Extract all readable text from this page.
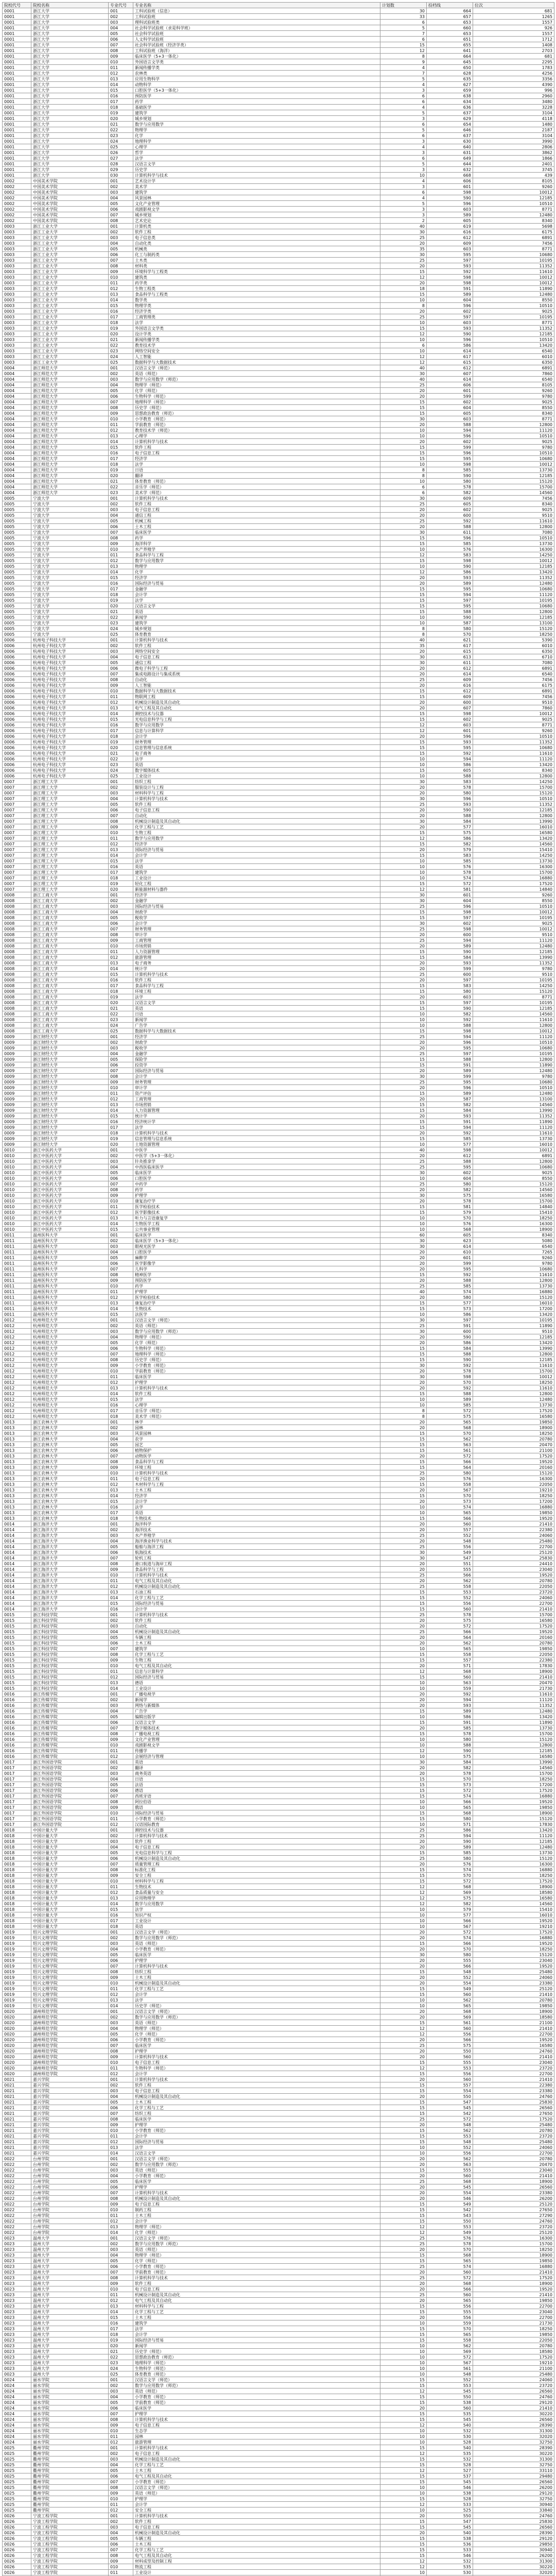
院校代号	院校名称	专业代号	专业名称	计划数	投档线	位次
0001	浙江大学	001	工科试验班（信息）	30	664	681
0001	浙江大学	002	工科试验班	33	657	1265
0001	浙江大学	003	理科试验班类	6	653	1557
0001	浙江大学	004	社会科学试验班（求是科学班）	5	660	926
0001	浙江大学	005	社会科学试验班	7	653	1557
0001	浙江大学	006	人文科学试验班	6	651	1712
0001	浙江大学	007	社会科学试验班（经济学类）	15	655	1408
0001	浙江大学	008	工科试验班（海洋）	12	641	2703
0001	浙江大学	009	临床医学（5+3一体化）	8	664	681
0001	浙江大学	010	外国语言文学类	9	645	2295
0001	浙江大学	011	新闻传播学类	4	650	1783
0001	浙江大学	012	农林类	7	628	4256
0001	浙江大学	013	应用生物科学	5	635	3356
0001	浙江大学	014	动物科学	4	627	4390
0001	浙江大学	015	口腔医学（5+3一体化）	3	659	996
0001	浙江大学	016	预防医学	6	638	2960
0001	浙江大学	017	药学	6	634	3480
0001	浙江大学	018	基础医学	4	636	3228
0001	浙江大学	019	建筑学	5	637	3104
0001	浙江大学	020	城乡规划	3	629	4118
0001	浙江大学	021	数学与应用数学	6	654	1480
0001	浙江大学	022	物理学	5	646	2187
0001	浙江大学	023	化学	6	637	3104
0001	浙江大学	024	地理科学	3	630	3990
0001	浙江大学	025	心理学	4	640	2806
0001	浙江大学	026	哲学	3	631	3862
0001	浙江大学	027	法学	6	649	1866
0001	浙江大学	028	汉语言文学	5	644	2401
0001	浙江大学	029	历史学	3	632	3745
0001	浙江大学	030	计算机科学与技术	10	668	439
0002	中国美术学院	001	艺术设计学	4	606	8105
0002	中国美术学院	002	美术学	3	601	9260
0002	中国美术学院	003	建筑学	6	598	10012
0002	中国美术学院	004	风景园林	4	590	12185
0002	中国美术学院	005	文化产业管理	5	596	10510
0002	中国美术学院	006	戏剧影视文学	3	603	8771
0002	中国美术学院	007	城乡规划	3	589	12480
0002	中国美术学院	008	艺术史论	2	605	8340
0003	浙江工业大学	001	计算机类	40	619	5698
0003	浙江工业大学	002	软件工程	30	616	6175
0003	浙江工业大学	003	电子信息类	25	612	6891
0003	浙江工业大学	004	自动化类	20	609	7456
0003	浙江工业大学	005	机械类	35	603	8771
0003	浙江工业大学	006	化工与制药类	30	595	10680
0003	浙江工业大学	007	土木类	25	597	10195
0003	浙江工业大学	008	材料类	20	593	11352
0003	浙江工业大学	009	环境科学与工程类	15	592	11610
0003	浙江工业大学	010	建筑类	12	598	10012
0003	浙江工业大学	011	药学类	20	598	10012
0003	浙江工业大学	012	生物工程类	18	591	11890
0003	浙江工业大学	013	食品科学与工程类	15	589	12480
0003	浙江工业大学	014	数学类	10	604	8550
0003	浙江工业大学	015	物理学类	8	596	10510
0003	浙江工业大学	016	经济学类	20	602	9025
0003	浙江工业大学	017	工商管理类	25	597	10195
0003	浙江工业大学	018	法学	10	603	8771
0003	浙江工业大学	019	外国语言文学类	15	593	11352
0003	浙江工业大学	020	设计学类	12	590	12185
0003	浙江工业大学	021	新闻传播学类	10	596	10510
0003	浙江工业大学	022	教育技术学	6	586	13420
0003	浙江工业大学	023	网络空间安全	10	614	6540
0003	浙江工业大学	024	人工智能	12	617	6010
0003	浙江工业大学	025	数据科学与大数据技术	12	615	6350
0004	浙江师范大学	001	汉语言文学（师范）	40	612	6891
0004	浙江师范大学	002	英语（师范）	30	607	7860
0004	浙江师范大学	003	数学与应用数学（师范）	40	614	6540
0004	浙江师范大学	004	物理学（师范）	25	606	8105
0004	浙江师范大学	005	化学（师范）	20	601	9260
0004	浙江师范大学	006	生物科学（师范）	20	599	9780
0004	浙江师范大学	007	地理科学（师范）	15	602	9025
0004	浙江师范大学	008	历史学（师范）	15	604	8550
0004	浙江师范大学	009	思想政治教育（师范）	15	605	8340
0004	浙江师范大学	010	小学教育（师范）	30	603	8771
0004	浙江师范大学	011	学前教育（师范）	20	588	12800
0004	浙江师范大学	012	教育技术学（师范）	10	594	11120
0004	浙江师范大学	013	心理学	10	596	10510
0004	浙江师范大学	014	计算机科学与技术	20	602	9025
0004	浙江师范大学	015	软件工程	15	599	9780
0004	浙江师范大学	016	电子信息工程	15	596	10510
0004	浙江师范大学	017	经济学	15	595	10680
0004	浙江师范大学	018	法学	10	598	10012
0004	浙江师范大学	019	日语	8	585	13730
0004	浙江师范大学	020	翻译	8	590	12185
0004	浙江师范大学	021	体育教育（师范）	10	580	15120
0004	浙江师范大学	022	音乐学（师范）	6	578	15700
0004	浙江师范大学	023	美术学（师范）	6	582	14560
0005	宁波大学	001	计算机科学与技术	30	609	7456
0005	宁波大学	002	软件工程	25	605	8340
0005	宁波大学	003	电子信息工程	20	602	9025
0005	宁波大学	004	通信工程	20	600	9510
0005	宁波大学	005	机械工程	25	592	11610
0005	宁波大学	006	土木工程	20	588	12800
0005	宁波大学	007	临床医学	30	611	7080
0005	宁波大学	008	药学	15	596	10510
0005	宁波大学	009	海洋科学	15	585	13730
0005	宁波大学	010	水产养殖学	10	576	16300
0005	宁波大学	011	食品科学与工程	12	583	14250
0005	宁波大学	012	数学与应用数学	15	598	10012
0005	宁波大学	013	物理学	10	590	12185
0005	宁波大学	014	化学	12	586	13420
0005	宁波大学	015	经济学	20	593	11352
0005	宁波大学	016	国际经济与贸易	20	589	12480
0005	宁波大学	017	金融学	15	595	10680
0005	宁波大学	018	会计学	15	594	11120
0005	宁波大学	019	法学	15	597	10195
0005	宁波大学	020	汉语言文学	15	595	10680
0005	宁波大学	021	英语	15	588	12800
0005	宁波大学	022	新闻学	10	590	12185
0005	宁波大学	023	建筑学	10	587	13100
0005	宁波大学	024	城乡规划	8	580	15120
0005	宁波大学	025	体育教育	8	570	18250
0006	杭州电子科技大学	001	计算机科学与技术	40	621	5390
0006	杭州电子科技大学	002	软件工程	35	617	6010
0006	杭州电子科技大学	003	网络空间安全	20	615	6350
0006	杭州电子科技大学	004	电子信息工程	30	613	6710
0006	杭州电子科技大学	005	通信工程	30	611	7080
0006	杭州电子科技大学	006	微电子科学与工程	20	612	6891
0006	杭州电子科技大学	007	集成电路设计与集成系统	20	614	6540
0006	杭州电子科技大学	008	自动化	25	609	7456
0006	杭州电子科技大学	009	人工智能	20	616	6175
0006	杭州电子科技大学	010	数据科学与大数据技术	15	612	6891
0006	杭州电子科技大学	011	物联网工程	15	609	7456
0006	杭州电子科技大学	012	机械设计制造及其自动化	20	600	9510
0006	杭州电子科技大学	013	电气工程及其自动化	20	607	7860
0006	杭州电子科技大学	014	测控技术与仪器	15	598	10012
0006	杭州电子科技大学	015	光电信息科学与工程	15	602	9025
0006	杭州电子科技大学	016	数学与应用数学	12	603	8771
0006	杭州电子科技大学	017	信息与计算科学	12	601	9260
0006	杭州电子科技大学	018	会计学	20	596	10510
0006	杭州电子科技大学	019	财务管理	15	593	11352
0006	杭州电子科技大学	020	信息管理与信息系统	15	595	10680
0006	杭州电子科技大学	021	电子商务	15	592	11610
0006	杭州电子科技大学	022	法学	10	594	11120
0006	杭州电子科技大学	023	英语	10	586	13420
0006	杭州电子科技大学	024	数字媒体技术	15	605	8340
0006	杭州电子科技大学	025	工业设计	10	588	12800
0007	浙江理工大学	001	纺织工程	30	583	14250
0007	浙江理工大学	002	服装设计与工程	20	578	15700
0007	浙江理工大学	003	材料科学与工程	20	580	15120
0007	浙江理工大学	004	计算机科学与技术	30	596	10510
0007	浙江理工大学	005	软件工程	25	593	11352
0007	浙江理工大学	006	电子信息工程	20	590	12185
0007	浙江理工大学	007	自动化	20	588	12800
0007	浙江理工大学	008	机械设计制造及其自动化	30	584	13990
0007	浙江理工大学	009	化学工程与工艺	20	577	16010
0007	浙江理工大学	010	生物工程	15	575	16580
0007	浙江理工大学	011	数学与应用数学	12	586	13420
0007	浙江理工大学	012	经济学	15	582	14560
0007	浙江理工大学	013	国际经济与贸易	20	579	15410
0007	浙江理工大学	014	会计学	15	583	14250
0007	浙江理工大学	015	法学	10	585	13730
0007	浙江理工大学	016	英语	10	576	16300
0007	浙江理工大学	017	建筑学	10	578	15700
0007	浙江理工大学	018	工业设计	10	574	16880
0007	浙江理工大学	019	轻化工程	15	572	17520
0007	浙江理工大学	020	新能源材料与器件	12	581	14840
0008	浙江工商大学	001	经济学	30	601	9260
0008	浙江工商大学	002	金融学	30	604	8550
0008	浙江工商大学	003	国际经济与贸易	25	596	10510
0008	浙江工商大学	004	财政学	15	598	10012
0008	浙江工商大学	005	税收学	15	597	10195
0008	浙江工商大学	006	会计学	30	602	9025
0008	浙江工商大学	007	财务管理	25	598	10012
0008	浙江工商大学	008	审计学	20	600	9510
0008	浙江工商大学	009	工商管理	25	594	11120
0008	浙江工商大学	010	市场营销	20	589	12480
0008	浙江工商大学	011	人力资源管理	15	590	12185
0008	浙江工商大学	012	旅游管理	15	584	13990
0008	浙江工商大学	013	电子商务	20	593	11352
0008	浙江工商大学	014	统计学	20	599	9780
0008	浙江工商大学	015	计算机科学与技术	25	600	9510
0008	浙江工商大学	016	软件工程	20	597	10195
0008	浙江工商大学	017	食品科学与工程	15	583	14250
0008	浙江工商大学	018	环境工程	15	580	15120
0008	浙江工商大学	019	法学	20	603	8771
0008	浙江工商大学	020	汉语言文学	15	597	10195
0008	浙江工商大学	021	英语	15	590	12185
0008	浙江工商大学	022	日语	10	582	14560
0008	浙江工商大学	023	新闻学	10	592	11610
0008	浙江工商大学	024	广告学	10	588	12800
0008	浙江工商大学	025	数据科学与大数据技术	15	598	10012
0009	浙江财经大学	001	经济学	25	594	11120
0009	浙江财经大学	002	财政学	20	596	10510
0009	浙江财经大学	003	税收学	20	595	10680
0009	浙江财经大学	004	金融学	25	597	10195
0009	浙江财经大学	005	保险学	15	588	12800
0009	浙江财经大学	006	投资学	15	591	11890
0009	浙江财经大学	007	国际经济与贸易	20	589	12480
0009	浙江财经大学	008	会计学	30	599	9780
0009	浙江财经大学	009	财务管理	25	595	10680
0009	浙江财经大学	010	审计学	20	596	10510
0009	浙江财经大学	011	资产评估	15	589	12480
0009	浙江财经大学	012	工商管理	20	587	13100
0009	浙江财经大学	013	市场营销	15	582	14560
0009	浙江财经大学	014	人力资源管理	15	584	13990
0009	浙江财经大学	015	统计学	20	593	11352
0009	浙江财经大学	016	经济统计学	15	591	11890
0009	浙江财经大学	017	法学	15	594	11120
0009	浙江财经大学	018	计算机科学与技术	20	592	11610
0009	浙江财经大学	019	信息管理与信息系统	15	585	13730
0009	浙江财经大学	020	土地资源管理	10	577	16010
0010	浙江中医药大学	001	中医学	40	598	10012
0010	浙江中医药大学	002	中医学（5+3一体化）	20	612	6891
0010	浙江中医药大学	003	针灸推拿学	25	588	12800
0010	浙江中医药大学	004	中西医临床医学	25	595	10680
0010	浙江中医药大学	005	临床医学	30	602	9025
0010	浙江中医药大学	006	口腔医学	10	604	8550
0010	浙江中医药大学	007	中药学	25	580	15120
0010	浙江中医药大学	008	药学	20	582	14560
0010	浙江中医药大学	009	护理学	30	575	16580
0010	浙江中医药大学	010	康复治疗学	20	578	15700
0010	浙江中医药大学	011	医学检验技术	15	581	14840
0010	浙江中医药大学	012	医学影像技术	15	579	15410
0010	浙江中医药大学	013	听力与言语康复学	10	570	18250
0010	浙江中医药大学	014	生物医学工程	10	576	16300
0010	浙江中医药大学	015	公共事业管理	10	568	18900
0011	温州医科大学	001	临床医学	60	605	8340
0011	温州医科大学	002	临床医学（5+3一体化）	30	623	5080
0011	温州医科大学	003	眼视光医学	30	614	6540
0011	温州医科大学	004	口腔医学	20	610	7265
0011	温州医科大学	005	麻醉学	20	601	9260
0011	温州医科大学	006	医学影像学	20	599	9780
0011	温州医科大学	007	儿科学	20	595	10680
0011	温州医科大学	008	精神医学	15	592	11610
0011	温州医科大学	009	预防医学	20	588	12800
0011	温州医科大学	010	药学	25	585	13730
0011	温州医科大学	011	护理学	40	574	16880
0011	温州医科大学	012	医学检验技术	20	580	15120
0011	温州医科大学	013	康复治疗学	15	577	16010
0011	温州医科大学	014	生物技术	15	573	17200
0011	温州医科大学	015	法医学	10	586	13420
0012	杭州师范大学	001	汉语言文学（师范）	30	597	10195
0012	杭州师范大学	002	英语（师范）	25	591	11890
0012	杭州师范大学	003	数学与应用数学（师范）	30	600	9510
0012	杭州师范大学	004	物理学（师范）	20	590	12185
0012	杭州师范大学	005	化学（师范）	20	586	13420
0012	杭州师范大学	006	生物科学（师范）	15	584	13990
0012	杭州师范大学	007	地理科学（师范）	15	588	12800
0012	杭州师范大学	008	历史学（师范）	15	590	12185
0012	杭州师范大学	009	小学教育（师范）	30	592	11610
0012	杭州师范大学	010	学前教育（师范）	20	578	15700
0012	杭州师范大学	011	临床医学	30	598	10012
0012	杭州师范大学	012	护理学	20	570	18250
0012	杭州师范大学	013	计算机科学与技术	20	592	11610
0012	杭州师范大学	014	软件工程	15	588	12800
0012	杭州师范大学	015	法学	10	589	12480
0012	杭州师范大学	016	心理学	10	585	13730
0012	杭州师范大学	017	音乐学（师范）	8	572	17520
0012	杭州师范大学	018	美术学（师范）	8	575	16580
0013	浙江农林大学	001	林学	20	565	19850
0013	浙江农林大学	002	园林	20	568	18900
0013	浙江农林大学	003	风景园林	15	570	18250
0013	浙江农林大学	004	农学	15	562	20780
0013	浙江农林大学	005	园艺	15	563	20470
0013	浙江农林大学	006	植物保护	15	561	21100
0013	浙江农林大学	007	动物医学	20	572	17520
0013	浙江农林大学	008	食品科学与工程	15	566	19520
0013	浙江农林大学	009	环境工程	15	564	20160
0013	浙江农林大学	010	计算机科学与技术	25	580	15120
0013	浙江农林大学	011	电子信息工程	20	576	16300
0013	浙江农林大学	012	木材科学与工程	15	558	22050
0013	浙江农林大学	013	土木工程	20	567	19210
0013	浙江农林大学	014	经济学	15	570	18250
0013	浙江农林大学	015	会计学	20	573	17200
0013	浙江农林大学	016	法学	10	574	16880
0013	浙江农林大学	017	英语	10	565	19850
0013	浙江农林大学	018	生物技术	15	566	19520
0014	浙江海洋大学	001	海洋科学	20	560	21410
0014	浙江海洋大学	002	海洋技术	20	557	22380
0014	浙江海洋大学	003	水产养殖学	25	552	24060
0014	浙江海洋大学	004	海洋渔业科学与技术	20	548	25480
0014	浙江海洋大学	005	船舶与海洋工程	25	556	22700
0014	浙江海洋大学	006	航海技术	30	549	25120
0014	浙江海洋大学	007	轮机工程	30	547	25830
0014	浙江海洋大学	008	港口航道与海岸工程	20	551	24410
0014	浙江海洋大学	009	食品科学与工程	20	555	23040
0014	浙江海洋大学	010	计算机科学与技术	25	566	19520
0014	浙江海洋大学	011	电气工程及其自动化	20	562	20780
0014	浙江海洋大学	012	机械设计制造及其自动化	25	558	22050
0014	浙江海洋大学	013	石油工程	15	553	23720
0014	浙江海洋大学	014	化学工程与工艺	15	552	24060
0014	浙江海洋大学	015	国际经济与贸易	15	556	22700
0014	浙江海洋大学	016	会计学	15	560	21410
0015	浙江科技学院	001	计算机科学与技术	25	578	15700
0015	浙江科技学院	002	软件工程	20	575	16580
0015	浙江科技学院	003	自动化	20	572	17520
0015	浙江科技学院	004	机械设计制造及其自动化	25	566	19520
0015	浙江科技学院	005	车辆工程	20	564	20160
0015	浙江科技学院	006	土木工程	20	562	20780
0015	浙江科技学院	007	建筑学	10	565	19850
0015	浙江科技学院	008	化学工程与工艺	15	558	22050
0015	浙江科技学院	009	生物工程	15	557	22380
0015	浙江科技学院	010	电气工程及其自动化	20	571	17830
0015	浙江科技学院	011	信息与计算科学	12	568	18900
0015	浙江科技学院	012	国际经济与贸易	15	560	21410
0015	浙江科技学院	013	德语	10	563	20470
0015	浙江科技学院	014	工业设计	10	559	21730
0016	浙江传媒学院	001	广播电视学	20	592	11610
0016	浙江传媒学院	002	新闻学	20	594	11120
0016	浙江传媒学院	003	网络与新媒体	20	593	11352
0016	浙江传媒学院	004	广告学	15	589	12480
0016	浙江传媒学院	005	编辑出版学	10	586	13420
0016	浙江传媒学院	006	汉语言文学	15	591	11890
0016	浙江传媒学院	007	数字媒体技术	20	585	13730
0016	浙江传媒学院	008	广播电视工程	15	578	15700
0016	浙江传媒学院	009	文化产业管理	10	580	15120
0016	浙江传媒学院	010	戏剧影视文学	10	588	12800
0016	浙江传媒学院	011	传播学	12	590	12185
0016	浙江传媒学院	012	会展经济与管理	10	575	16580
0017	浙江外国语学院	001	英语	30	584	13990
0017	浙江外国语学院	002	翻译	20	582	14560
0017	浙江外国语学院	003	商务英语	20	578	15700
0017	浙江外国语学院	004	日语	15	570	18250
0017	浙江外国语学院	005	法语	15	573	17200
0017	浙江外国语学院	006	德语	15	572	17520
0017	浙江外国语学院	007	西班牙语	15	574	16880
0017	浙江外国语学院	008	阿拉伯语	10	566	19520
0017	浙江外国语学院	009	俄语	10	565	19850
0017	浙江外国语学院	010	国际经济与贸易	15	568	18900
0017	浙江外国语学院	011	小学教育（师范）	15	580	15120
0017	浙江外国语学院	012	汉语国际教育	10	571	17830
0018	中国计量大学	001	测控技术与仪器	25	586	13420
0018	中国计量大学	002	计算机科学与技术	25	594	11120
0018	中国计量大学	003	软件工程	20	590	12185
0018	中国计量大学	004	电子信息工程	20	589	12480
0018	中国计量大学	005	光电信息科学与工程	15	585	13730
0018	中国计量大学	006	机械设计制造及其自动化	25	580	15120
0018	中国计量大学	007	质量管理工程	20	576	16300
0018	中国计量大学	008	标准化工程	15	574	16880
0018	中国计量大学	009	安全工程	15	570	18250
0018	中国计量大学	010	材料科学与工程	15	572	17520
0018	中国计量大学	011	生物技术	12	568	18900
0018	中国计量大学	012	食品质量与安全	12	569	18580
0018	中国计量大学	013	应用物理学	12	575	16580
0018	中国计量大学	014	数学与应用数学	12	582	14560
0018	中国计量大学	015	法学	10	579	15410
0018	中国计量大学	016	知识产权	10	577	16010
0018	中国计量大学	017	工业设计	10	566	19520
0018	中国计量大学	018	英语	10	567	19210
0019	绍兴文理学院	001	汉语言文学（师范）	20	572	17520
0019	绍兴文理学院	002	数学与应用数学（师范）	20	574	16880
0019	绍兴文理学院	003	英语（师范）	15	566	19520
0019	绍兴文理学院	004	小学教育（师范）	20	570	18250
0019	绍兴文理学院	005	临床医学	30	580	15120
0019	绍兴文理学院	006	护理学	20	555	23040
0019	绍兴文理学院	007	计算机科学与技术	20	566	19520
0019	绍兴文理学院	008	纺织工程	15	548	25480
0019	绍兴文理学院	009	土木工程	20	552	24060
0019	绍兴文理学院	010	机械设计制造及其自动化	20	554	23380
0019	绍兴文理学院	011	化学工程与工艺	15	549	25120
0019	绍兴文理学院	012	会计学	15	560	21410
0019	绍兴文理学院	013	法学	10	562	20780
0019	绍兴文理学院	014	历史学（师范）	10	565	19850
0020	湖州师范学院	001	汉语言文学（师范）	20	568	18900
0020	湖州师范学院	002	数学与应用数学（师范）	20	569	18580
0020	湖州师范学院	003	英语（师范）	15	561	21100
0020	湖州师范学院	004	物理学（师范）	12	560	21410
0020	湖州师范学院	005	化学（师范）	12	556	22700
0020	湖州师范学院	006	小学教育（师范）	20	566	19520
0020	湖州师范学院	007	临床医学	25	575	16580
0020	湖州师范学院	008	护理学	20	550	24760
0020	湖州师范学院	009	计算机科学与技术	20	560	21410
0020	湖州师范学院	010	电子信息工程	15	555	23040
0020	湖州师范学院	011	生物科学（师范）	12	553	23720
0020	湖州师范学院	012	会计学	15	556	22700
0021	嘉兴学院	001	计算机科学与技术	20	560	21410
0021	嘉兴学院	002	软件工程	15	557	22380
0021	嘉兴学院	003	电子信息工程	15	554	23380
0021	嘉兴学院	004	机械设计制造及其自动化	20	550	24760
0021	嘉兴学院	005	土木工程	15	547	25830
0021	嘉兴学院	006	化学工程与工艺	15	545	26560
0021	嘉兴学院	007	纺织工程	15	542	27650
0021	嘉兴学院	008	临床医学	25	572	17520
0021	嘉兴学院	009	护理学	20	548	25480
0021	嘉兴学院	010	小学教育（师范）	15	562	20780
0021	嘉兴学院	011	会计学	15	553	23720
0021	嘉兴学院	012	国际经济与贸易	15	548	25480
0021	嘉兴学院	013	法学	10	552	24060
0021	嘉兴学院	014	汉语言文学	10	556	22700
0022	台州学院	001	汉语言文学（师范）	20	562	20780
0022	台州学院	002	数学与应用数学（师范）	20	563	20470
0022	台州学院	003	英语（师范）	15	555	23040
0022	台州学院	004	小学教育（师范）	20	560	21410
0022	台州学院	005	临床医学	25	568	18900
0022	台州学院	006	护理学	20	545	26560
0022	台州学院	007	计算机科学与技术	20	554	23380
0022	台州学院	008	机械设计制造及其自动化	20	546	26200
0022	台州学院	009	电子信息工程	15	549	25120
0022	台州学院	010	制药工程	15	542	27650
0022	台州学院	011	土木工程	15	543	27290
0022	台州学院	012	会计学	15	550	24760
0022	台州学院	013	物理学（师范）	12	553	23720
0022	台州学院	014	化学（师范）	12	549	25120
0023	温州大学	001	汉语言文学（师范）	25	576	16300
0023	温州大学	002	数学与应用数学（师范）	25	578	15700
0023	温州大学	003	英语（师范）	20	570	18250
0023	温州大学	004	物理学（师范）	15	568	18900
0023	温州大学	005	化学（师范）	15	565	19850
0023	温州大学	006	小学教育（师范）	25	574	16880
0023	温州大学	007	学前教育（师范）	20	560	21410
0023	温州大学	008	计算机科学与技术	25	572	17520
0023	温州大学	009	软件工程	20	568	18900
0023	温州大学	010	电子信息工程	20	566	19520
0023	温州大学	011	机械设计制造及其自动化	25	560	21410
0023	温州大学	012	电气工程及其自动化	20	565	19850
0023	温州大学	013	材料科学与工程	15	556	22700
0023	温州大学	014	化学工程与工艺	15	555	23040
0023	温州大学	015	土木工程	20	556	22700
0023	温州大学	016	建筑学	10	559	21730
0023	温州大学	017	法学	15	570	18250
0023	温州大学	018	会计学	15	565	19850
0023	温州大学	019	国际经济与贸易	15	558	22050
0023	温州大学	020	新闻学	10	562	20780
0023	温州大学	021	历史学（师范）	10	569	18580
0023	温州大学	022	思想政治教育（师范）	10	572	17520
0023	温州大学	023	地理科学（师范）	10	567	19210
0023	温州大学	024	生物科学（师范）	10	561	21100
0023	温州大学	025	体育教育（师范）	10	548	25480
0024	丽水学院	001	汉语言文学（师范）	15	552	24060
0024	丽水学院	002	数学与应用数学（师范）	15	553	23720
0024	丽水学院	003	英语（师范）	12	545	26560
0024	丽水学院	004	小学教育（师范）	15	550	24760
0024	丽水学院	005	学前教育（师范）	15	538	29120
0024	丽水学院	006	临床医学	20	560	21410
0024	丽水学院	007	护理学	15	535	30220
0024	丽水学院	008	计算机科学与技术	15	545	26560
0024	丽水学院	009	电子信息工程	12	540	28390
0024	丽水学院	010	生态学	10	532	31300
0024	丽水学院	011	园林	10	530	32020
0024	丽水学院	012	旅游管理	10	528	32750
0025	衢州学院	001	计算机科学与技术	15	540	28390
0025	衢州学院	002	电子信息工程	12	535	30220
0025	衢州学院	003	机械设计制造及其自动化	15	532	31300
0025	衢州学院	004	化学工程与工艺	15	528	32750
0025	衢州学院	005	土木工程	12	527	33110
0025	衢州学院	006	电气工程及其自动化	15	537	29480
0025	衢州学院	007	小学教育（师范）	15	545	26560
0025	衢州学院	008	汉语言文学（师范）	10	546	26200
0025	衢州学院	009	英语（师范）	10	538	29120
0025	衢州学院	010	护理学	15	528	32750
0025	衢州学院	011	会计学	12	533	30940
0025	衢州学院	012	安全工程	10	525	33840
0026	宁波工程学院	001	计算机科学与技术	20	550	24760
0026	宁波工程学院	002	软件工程	15	547	25830
0026	宁波工程学院	003	电子信息工程	15	545	26560
0026	宁波工程学院	004	机械设计制造及其自动化	20	540	28390
0026	宁波工程学院	005	车辆工程	15	538	29120
0026	宁波工程学院	006	土木工程	15	536	29850
0026	宁波工程学院	007	化学工程与工艺	15	533	30940
0026	宁波工程学院	008	电气工程及其自动化	15	546	26200
0026	宁波工程学院	009	材料成型及控制工程	12	532	31300
0026	宁波工程学院	010	物流工程	12	535	30220
0026	宁波工程学院	011	工业设计	10	530	32020
